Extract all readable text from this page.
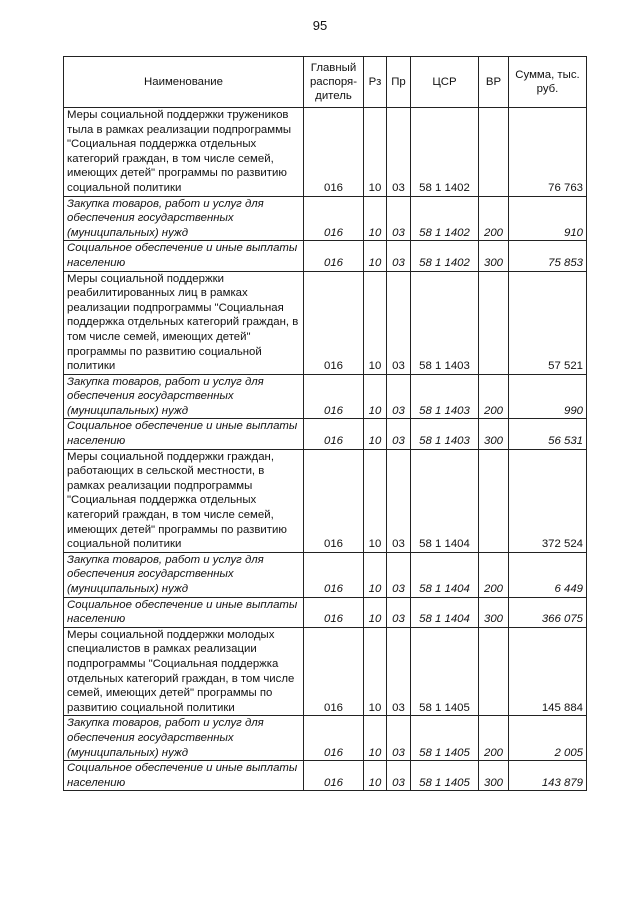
95
Наименование	Главный распоря-дитель	Рз	Пр	ЦСР	ВР	Сумма, тыс. руб.
Меры социальной поддержки тружеников тыла в рамках реализации подпрограммы "Социальная поддержка отдельных категорий граждан, в том числе семей, имеющих детей" программы по развитию социальной политики	016	10	03	58 1 1402		76 763
Закупка товаров, работ и услуг для обеспечения государственных (муниципальных) нужд	016	10	03	58 1 1402	200	910
Социальное обеспечение и иные выплаты населению	016	10	03	58 1 1402	300	75 853
Меры социальной поддержки реабилитированных лиц в рамках реализации подпрограммы "Социальная поддержка отдельных категорий граждан, в том числе семей, имеющих детей" программы по развитию социальной политики	016	10	03	58 1 1403		57 521
Закупка товаров, работ и услуг для обеспечения государственных (муниципальных) нужд	016	10	03	58 1 1403	200	990
Социальное обеспечение и иные выплаты населению	016	10	03	58 1 1403	300	56 531
Меры социальной поддержки граждан, работающих в сельской местности, в рамках реализации подпрограммы "Социальная поддержка отдельных категорий граждан, в том числе семей, имеющих детей" программы по развитию социальной политики	016	10	03	58 1 1404		372 524
Закупка товаров, работ и услуг для обеспечения государственных (муниципальных) нужд	016	10	03	58 1 1404	200	6 449
Социальное обеспечение и иные выплаты населению	016	10	03	58 1 1404	300	366 075
Меры социальной поддержки молодых специалистов в рамках реализации подпрограммы "Социальная поддержка отдельных категорий граждан, в том числе семей, имеющих детей" программы по развитию социальной политики	016	10	03	58 1 1405		145 884
Закупка товаров, работ и услуг для обеспечения государственных (муниципальных) нужд	016	10	03	58 1 1405	200	2 005
Социальное обеспечение и иные выплаты населению	016	10	03	58 1 1405	300	143 879
